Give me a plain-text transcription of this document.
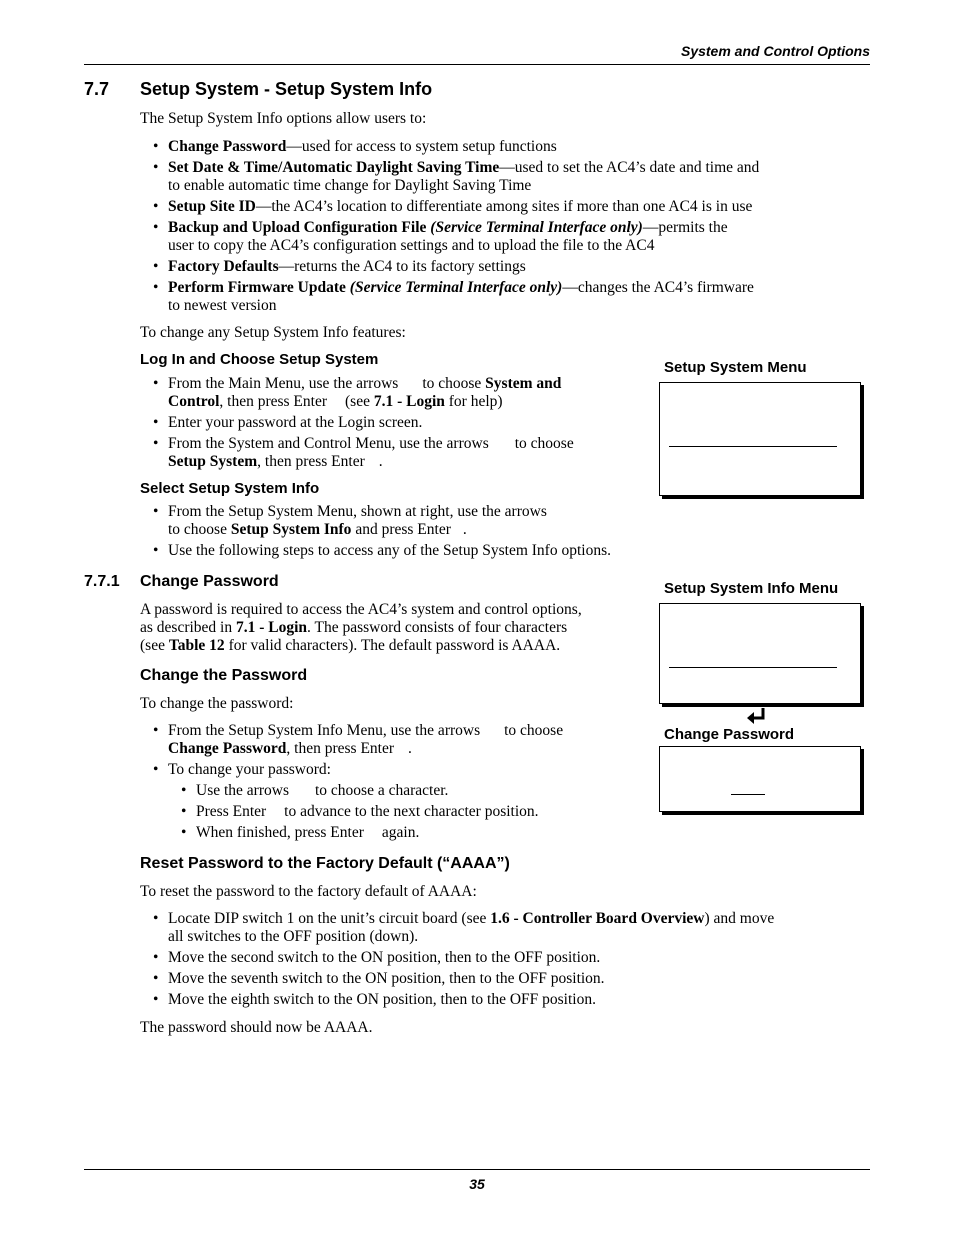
System and Control Options
7.7 Setup System - Setup System Info
The Setup System Info options allow users to:
• Change Password—used for access to system setup functions
• Set Date & Time/Automatic Daylight Saving Time—used to set the AC4’s date and time and
to enable automatic time change for Daylight Saving Time
• Setup Site ID—the AC4’s location to differentiate among sites if more than one AC4 is in use
• Backup and Upload Configuration File (Service Terminal Interface only)—permits the
user to copy the AC4’s configuration settings and to upload the file to the AC4
• Factory Defaults—returns the AC4 to its factory settings
• Perform Firmware Update (Service Terminal Interface only)—changes the AC4’s firmware
to newest version
To change any Setup System Info features:
Log In and Choose Setup System
• From the Main Menu, use the arrows to choose System and
Control, then press Enter (see 7.1 - Login for help)
• Enter your password at the Login screen.
• From the System and Control Menu, use the arrows to choose
Setup System, then press Enter .
Select Setup System Info
• From the Setup System Menu, shown at right, use the arrows
to choose Setup System Info and press Enter .
• Use the following steps to access any of the Setup System Info options.
7.7.1 Change Password
A password is required to access the AC4’s system and control options,
as described in 7.1 - Login. The password consists of four characters
(see Table 12 for valid characters). The default password is AAAA.
Change the Password
To change the password:
• From the Setup System Info Menu, use the arrows to choose
Change Password, then press Enter .
• To change your password:
• Use the arrows to choose a character.
• Press Enter to advance to the next character position.
• When finished, press Enter again.
Reset Password to the Factory Default (“AAAA”)
To reset the password to the factory default of AAAA:
• Locate DIP switch 1 on the unit’s circuit board (see 1.6 - Controller Board Overview) and move
all switches to the OFF position (down).
• Move the second switch to the ON position, then to the OFF position.
• Move the seventh switch to the ON position, then to the OFF position.
• Move the eighth switch to the ON position, then to the OFF position.
The password should now be AAAA.
Setup System Menu
Setup System Info Menu
Change Password
35
